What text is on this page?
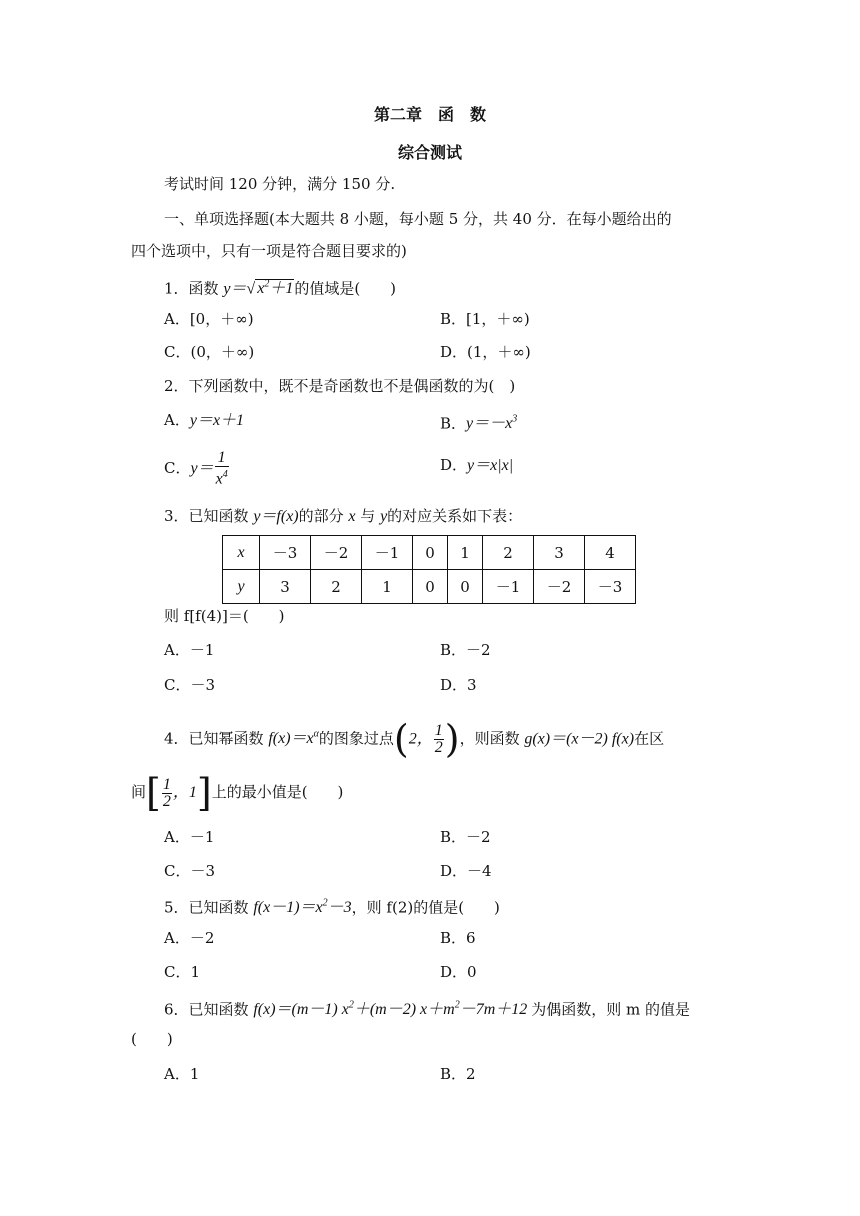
第二章　函　数
综合测试
考试时间 120 分钟，满分 150 分.
一、单项选择题(本大题共 8 小题，每小题 5 分，共 40 分．在每小题给出的
四个选项中，只有一项是符合题目要求的)
1．函数 y＝√ $x^2+1$的值域是(　　)
A．[0，＋∞)	B．[1，＋∞)
C．(0，＋∞)	D．(1，＋∞)
2．下列函数中，既不是奇函数也不是偶函数的为(　)
A．y＝x＋1	B．$y=-x^3$
C．$y= \frac{1}{x^4}$	D．y＝x|x|
3．已知函数 y＝f(x)的部分 x 与 y的对应关系如下表：
x	－3	－2	－1	0	1	2	3	4
y	3	2	1	0	0	－1	－2	－3
则 f[f(4)]＝(　　)
A．－1	B．－2
C．－3	D．3
4．已知幂函数 $f(x)=x^\alpha$的图象过点(2， $\frac{1}{2}$ )，则函数 g(x)＝(x－2) f(x)在区
间[ $\frac{1}{2}$ ，1]上的最小值是(　　)
A．－1	B．－2
C．－3	D．－4
5．已知函数 $f(x-1)=x^2-3$，则 f(2)的值是(　　)
A．－2	B．6
C．1	D．0
6．已知函数 f(x)＝(m－1) $x^2+(m-2)$ $x+m^2-7m+12$ 为偶函数，则 m 的值是
(　　)
A．1	B．2
